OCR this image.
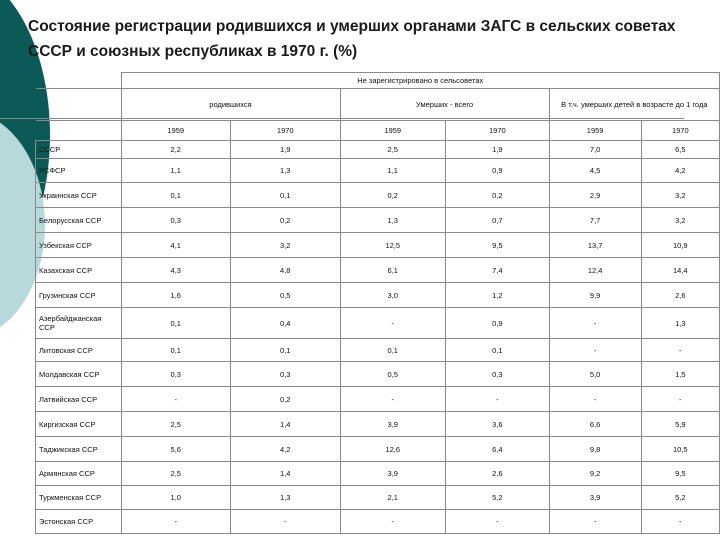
Состояние регистрации родившихся и умерших органами ЗАГС в сельских советах СССР и союзных республиках в 1970 г. (%)
	Не зарегистрировано в сельсоветах					
	родившихся		Умерших - всего		В т.ч. умерших детей в возрасте до 1 года	
	1959	1970	1959	1970	1959	1970
СССР	2,2	1,9	2,5	1,9	7,0	6,5
РСФСР	1,1	1,3	1,1	0,9	4,5	4,2
Украинская ССР	0,1	0,1	0,2	0,2	2,9	3,2
Белорусская ССР	0,3	0,2	1,3	0,7	7,7	3,2
Узбекская ССР	4,1	3,2	12,5	9,5	13,7	10,9
Казахская ССР	4,3	4,8	6,1	7,4	12,4	14,4
Грузинская ССР	1,6	0,5	3,0	1,2	9,9	2,6
Азербайджанская ССР	0,1	0,4	-	0,9	-	1,3
Литовская ССР	0,1	0,1	0,1	0,1	-	-
Молдавская ССР	0,3	0,3	0,5	0,3	5,0	1,5
Латвийская ССР	-	0,2	-	-	-	-
Киргизская ССР	2,5	1,4	3,9	3,6	6,6	5,9
Таджикская ССР	5,6	4,2	12,6	6,4	9,8	10,5
Армянская ССР	2,5	1,4	3,9	2,6	9,2	9,5
Туркменская ССР	1,0	1,3	2,1	5,2	3,9	5,2
Эстонская ССР	-	-	-	-	-	-
